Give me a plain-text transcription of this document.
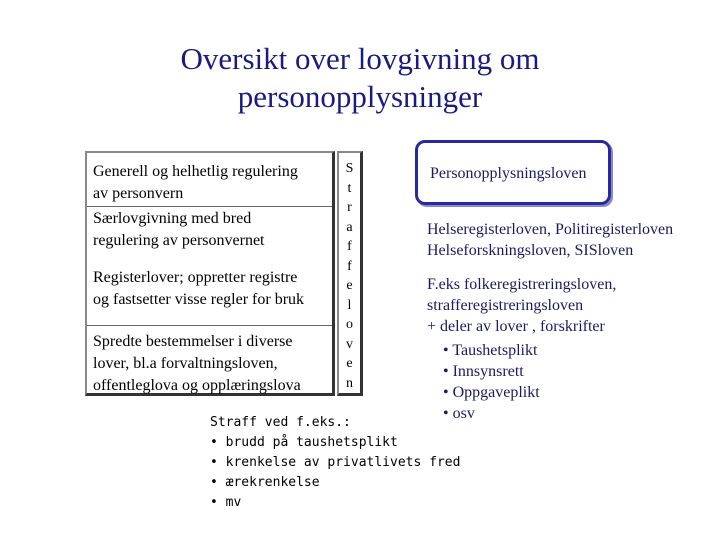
Oversikt over lovgivning om
personopplysninger
Generell og helhetlig regulering
av personvern
Særlovgivning med bred
regulering av personvernet
Registerlover; oppretter registre
og fastsetter visse regler for bruk
Spredte bestemmelser i diverse
lover, bl.a forvaltningsloven,
offentleglova og opplæringslova
S
t
r
a
f
f
e
l
o
v
e
n
Personopplysningsloven
Helseregisterloven, Politiregisterloven
Helseforskningsloven, SISloven
F.eks folkeregistreringsloven,
strafferegistreringsloven
+ deler av lover , forskrifter
• Taushetsplikt
• Innsynsrett
• Oppgaveplikt
• osv
Straff ved f.eks.:
• brudd på taushetsplikt
• krenkelse av privatlivets fred
• ærekrenkelse
• mv
